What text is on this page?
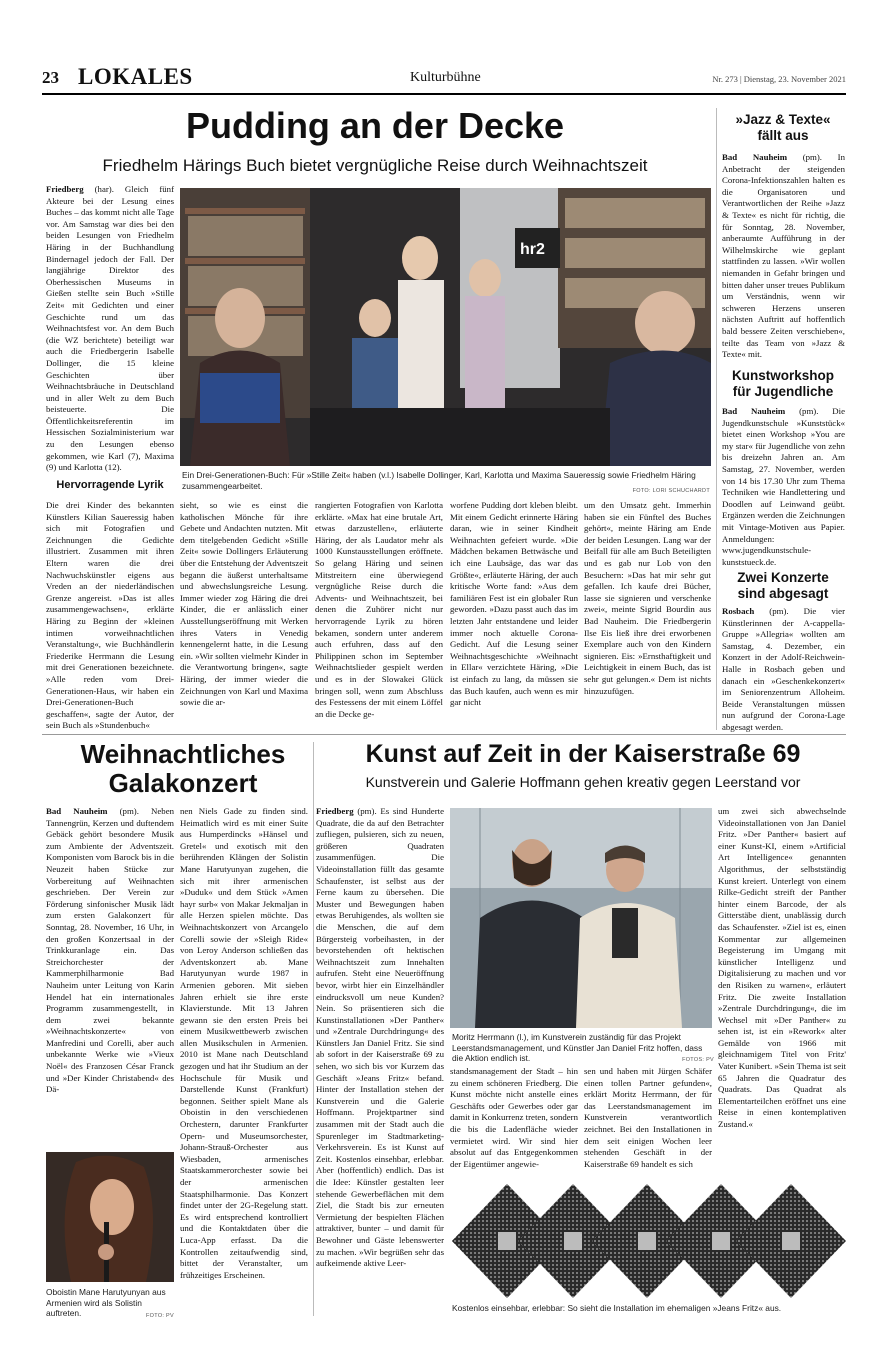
23 LOKALES	Kulturbühne	Nr. 273 | Dienstag, 23. November 2021
Pudding an der Decke
Friedhelm Härings Buch bietet vergnügliche Reise durch Weihnachtszeit
Friedberg (har). Gleich fünf Akteure bei der Lesung eines Buches – das kommt nicht alle Tage vor. Am Samstag war dies bei den beiden Lesungen von Friedhelm Häring in der Buchhandlung Bindernagel jedoch der Fall. Der langjährige Direktor des Oberhessischen Museums in Gießen stellte sein Buch »Stille Zeit« mit Gedichten und einer Geschichte rund um das Weihnachtsfest vor. An dem Buch (die WZ berichtete) beteiligt war auch die Friedbergerin Isabelle Dollinger, die 15 kleine Geschichten über Weihnachtsbräuche in Deutschland und in aller Welt zu dem Buch beisteuerte. Die Öffentlichkeitsreferentin im Hessischen Sozialministerium war zu den Lesungen ebenso gekommen, wie Karl (7), Maxima (9) und Karlotta (12).
Hervorragende Lyrik
hr2
Ein Drei-Generationen-Buch: Für »Stille Zeit« haben (v.l.) Isabelle Dollinger, Karl, Karlotta und Maxima Saueressig sowie Friedhelm Häring zusammengearbeitet.	FOTO: LORI SCHUCHARDT
Die drei Kinder des bekannten Künstlers Kilian Saueressig haben sich mit Fotografien und Zeichnungen die Gedichte illustriert. Zusammen mit ihren Eltern waren die drei Nachwuchskünstler eigens aus Vreden an der niederländischen Grenze angereist. »Das ist alles zusammengewachsen«, erklärte Häring zu Beginn der »kleinen intimen vorweihnachtlichen Veranstaltung«, wie Buchhändlerin Friederike Herrmann die Lesung mit drei Generationen bezeichnete. »Alle reden vom Drei-Generationen-Haus, wir haben ein Drei-Generationen-Buch geschaffen«, sagte der Autor, der sein Buch als »Stundenbuch«
sieht, so wie es einst die katholischen Mönche für ihre Gebete und Andachten nutzten. Mit dem titelgebenden Gedicht »Stille Zeit« sowie Dollingers Erläuterung über die Entstehung der Adventszeit begann die äußerst unterhaltsame und abwechslungsreiche Lesung. Immer wieder zog Häring die drei Kinder, die er anlässlich einer Ausstellungseröffnung mit Werken ihres Vaters in Venedig kennengelernt hatte, in die Lesung ein. »Wir sollten vielmehr Kinder in die Verantwortung bringen«, sagte Häring, der immer wieder die Zeichnungen von Karl und Maxima sowie die ar-
rangierten Fotografien von Karlotta erklärte. »Max hat eine brutale Art, etwas darzustellen«, erläuterte Häring, der als Laudator mehr als 1000 Kunstausstellungen eröffnete. So gelang Häring und seinen Mitstreitern eine überwiegend vergnügliche Reise durch die Advents- und Weihnachtszeit, bei denen die Zuhörer nicht nur hervorragende Lyrik zu hören bekamen, sondern unter anderem auch erfuhren, dass auf den Philippinen schon im September Weihnachtslieder gespielt werden und es in der Slowakei Glück bringen soll, wenn zum Abschluss des Festessens der mit einem Löffel an die Decke ge-
worfene Pudding dort kleben bleibt. Mit einem Gedicht erinnerte Häring daran, wie in seiner Kindheit Weihnachten gefeiert wurde. »Die Mädchen bekamen Bettwäsche und ich eine Laubsäge, das war das Größte«, erläuterte Häring, der auch kritische Worte fand: »Aus dem familiären Fest ist ein globaler Run geworden. »Dazu passt auch das im letzten Jahr entstandene und leider immer noch aktuelle Corona-Gedicht. Auf die Lesung seiner Weihnachtsgeschichte »Weihnacht in Ellar« verzichtete Häring, »Die ist einfach zu lang, da müssen sie das Buch kaufen, auch wenn es mir gar nicht
um den Umsatz geht. Immerhin haben sie ein Fünftel des Buches gehört«, meinte Häring am Ende der beiden Lesungen. Lang war der Beifall für alle am Buch Beteiligten und es gab nur Lob von den Besuchern: »Das hat mir sehr gut gefallen. Ich kaufe drei Bücher, lasse sie signieren und verschenke zwei«, meinte Sigrid Bourdin aus Bad Nauheim. Die Friedbergerin Ilse Eis ließ ihre drei erworbenen Exemplare auch von den Kindern signieren. Eis: »Ernsthaftigkeit und Leichtigkeit in einem Buch, das ist sehr gut gelungen.« Dem ist nichts hinzuzufügen.
»Jazz & Texte« fällt aus
Bad Nauheim (pm). In Anbetracht der steigenden Corona-Infektionszahlen halten es die Organisatoren und Verantwortlichen der Reihe »Jazz & Texte« es nicht für richtig, die für Sonntag, 28. November, anberaumte Aufführung in der Wilhelmskirche wie geplant stattfinden zu lassen. »Wir wollen niemanden in Gefahr bringen und bitten daher unser treues Publikum um Verständnis, wenn wir schweren Herzens unseren nächsten Auftritt auf hoffentlich bald bessere Zeiten verschieben«, teilte das Team von »Jazz & Texte« mit.
Kunstworkshop für Jugendliche
Bad Nauheim (pm). Die Jugendkunstschule »Kunststück« bietet einen Workshop »You are my star« für Jugendliche von zehn bis dreizehn Jahren an. Am Samstag, 27. November, werden von 14 bis 17.30 Uhr zum Thema Techniken wie Handlettering und Doodlen auf Leinwand geübt. Ergänzen werden die Zeichnungen mit Vintage-Motiven aus Papier. Anmeldungen: www.jugendkunstschule-kunststueck.de.
Zwei Konzerte sind abgesagt
Rosbach (pm). Die vier Künstlerinnen der A-cappella-Gruppe »Allegria« wollten am Samstag, 4. Dezember, ein Konzert in der Adolf-Reichwein-Halle in Rosbach geben und danach ein »Geschenkekonzert« im Seniorenzentrum Alloheim. Beide Veranstaltungen müssen nun aufgrund der Corona-Lage abgesagt werden.
Weihnachtliches Galakonzert
Bad Nauheim (pm). Neben Tannengrün, Kerzen und duftendem Gebäck gehört besondere Musik zum Ambiente der Adventszeit. Komponisten vom Barock bis in die Neuzeit haben Stücke zur Vorbereitung auf Weihnachten geschrieben. Der Verein zur Förderung sinfonischer Musik lädt zum ersten Galakonzert für Sonntag, 28. November, 16 Uhr, in den großen Konzertsaal in der Trinkkuranlage ein. Das Streichorchester der Kammerphilharmonie Bad Nauheim unter Leitung von Karin Hendel hat ein internationales Programm zusammengestellt, in dem zwei bekannte »Weihnachtskonzerte« von Manfredini und Corelli, aber auch unbekannte Werke wie »Vieux Noël« des Franzosen César Franck und »Der Kinder Christabend« des Dä-
Oboistin Mane Harutyunyan aus Armenien wird als Solistin auftreten.	FOTO: PV
nen Niels Gade zu finden sind. Heimatlich wird es mit einer Suite aus Humperdincks »Hänsel und Gretel« und exotisch mit den berührenden Klängen der Solistin Mane Harutyunyan zugehen, die sich mit ihrer armenischen »Duduk« und dem Stück »Amen hayr surb« von Makar Jekmaljan in alle Herzen spielen möchte. Das Weihnachtskonzert von Arcangelo Corelli sowie der »Sleigh Ride« von Leroy Anderson schließen das Adventskonzert ab. Mane Harutyunyan wurde 1987 in Armenien geboren. Mit sieben Jahren erhielt sie ihre erste Klavierstunde. Mit 13 Jahren gewann sie den ersten Preis bei einem Musikwettbewerb zwischen allen Musikschulen in Armenien. 2010 ist Mane nach Deutschland gezogen und hat ihr Studium an der Hochschule für Musik und Darstellende Kunst (Frankfurt) begonnen. Seither spielt Mane als Oboistin in den verschiedenen Orchestern, darunter Frankfurter Opern- und Museumsorchester, Johann-Strauß-Orchester aus Wiesbaden, armenisches Staatskammerorchester sowie bei der armenischen Staatsphilharmonie. Das Konzert findet unter der 2G-Regelung statt. Es wird entsprechend kontrolliert und die Kontaktdaten über die Luca-App erfasst. Da die Kontrollen zeitaufwendig sind, bittet der Veranstalter, um frühzeitiges Erscheinen.
Kunst auf Zeit in der Kaiserstraße 69
Kunstverein und Galerie Hoffmann gehen kreativ gegen Leerstand vor
Friedberg (pm). Es sind Hunderte Quadrate, die da auf den Betrachter zufliegen, pulsieren, sich zu neuen, größeren Quadraten zusammenfügen. Die Videoinstallation füllt das gesamte Schaufenster, ist selbst aus der Ferne kaum zu übersehen. Die Muster und Bewegungen haben etwas Beruhigendes, als wollten sie die Menschen, die auf dem Bürgersteig vorbeihasten, in der bevorstehenden oft hektischen Weihnachtszeit zum Innehalten aufrufen. Steht eine Neueröffnung bevor, wirbt hier ein Einzelhändler eindrucksvoll um neue Kunden? Nein. So präsentieren sich die Kunstinstallationen »Der Panther« und »Zentrale Durchdringung« des Künstlers Jan Daniel Fritz. Sie sind ab sofort in der Kaiserstraße 69 zu sehen, wo sich bis vor Kurzem das Geschäft »Jeans Fritz« befand. Hinter der Installation stehen der Kunstverein und die Galerie Hoffmann. Projektpartner sind zusammen mit der Stadt auch die Spurenleger im Stadtmarketing-Verkehrsverein. Es ist Kunst auf Zeit. Kostenlos einsehbar, erlebbar. Aber (hoffentlich) endlich. Das ist die Idee: Künstler gestalten leer stehende Gewerbeflächen mit dem Ziel, die Stadt bis zur erneuten Vermietung der bespielten Flächen attraktiver, bunter – und damit für Bewohner und Gäste lebenswerter zu machen. »Wir begrüßen sehr das aufkeimende aktive Leer-
Moritz Herrmann (l.), im Kunstverein zuständig für das Projekt Leerstandsmanagement, und Künstler Jan Daniel Fritz hoffen, dass die Aktion endlich ist.	FOTOS: PV
standsmanagement der Stadt – hin zu einem schöneren Friedberg. Die Kunst möchte nicht anstelle eines Geschäfts oder Gewerbes oder gar damit in Konkurrenz treten, sondern die bis die Ladenfläche wieder vermietet wird. Wir sind hier absolut auf das Entgegenkommen der Eigentümer angewie-
sen und haben mit Jürgen Schäfer einen tollen Partner gefunden«, erklärt Moritz Herrmann, der für das Leerstandsmanagement im Kunstverein verantwortlich zeichnet. Bei den Installationen in dem seit einigen Wochen leer stehenden Geschäft in der Kaiserstraße 69 handelt es sich
um zwei sich abwechselnde Videoinstallationen von Jan Daniel Fritz. »Der Panther« basiert auf einer Kunst-KI, einem »Artificial Art Intelligence« genannten Algorithmus, der selbstständig Kunst kreiert. Unterlegt von einem Rilke-Gedicht streift der Panther hinter einem Barcode, der als Gitterstäbe dient, unablässig durch das Schaufenster. »Ziel ist es, einen Kommentar zur allgemeinen Begeisterung im Umgang mit künstlicher Intelligenz und Digitalisierung zu machen und vor den Risiken zu warnen«, erläutert Fritz. Die zweite Installation »Zentrale Durchdringung«, die im Wechsel mit »Der Panther« zu sehen ist, ist ein »Rework« alter Gemälde von 1966 mit gleichnamigem Titel von Fritz' Vater Kunibert. »Sein Thema ist seit 65 Jahren die Quadratur des Quadrats. Das Quadrat als Elementarteilchen eröffnet uns eine Reise in einen kontemplativen Zustand.«
Kostenlos einsehbar, erlebbar: So sieht die Installation im ehemaligen »Jeans Fritz« aus.
